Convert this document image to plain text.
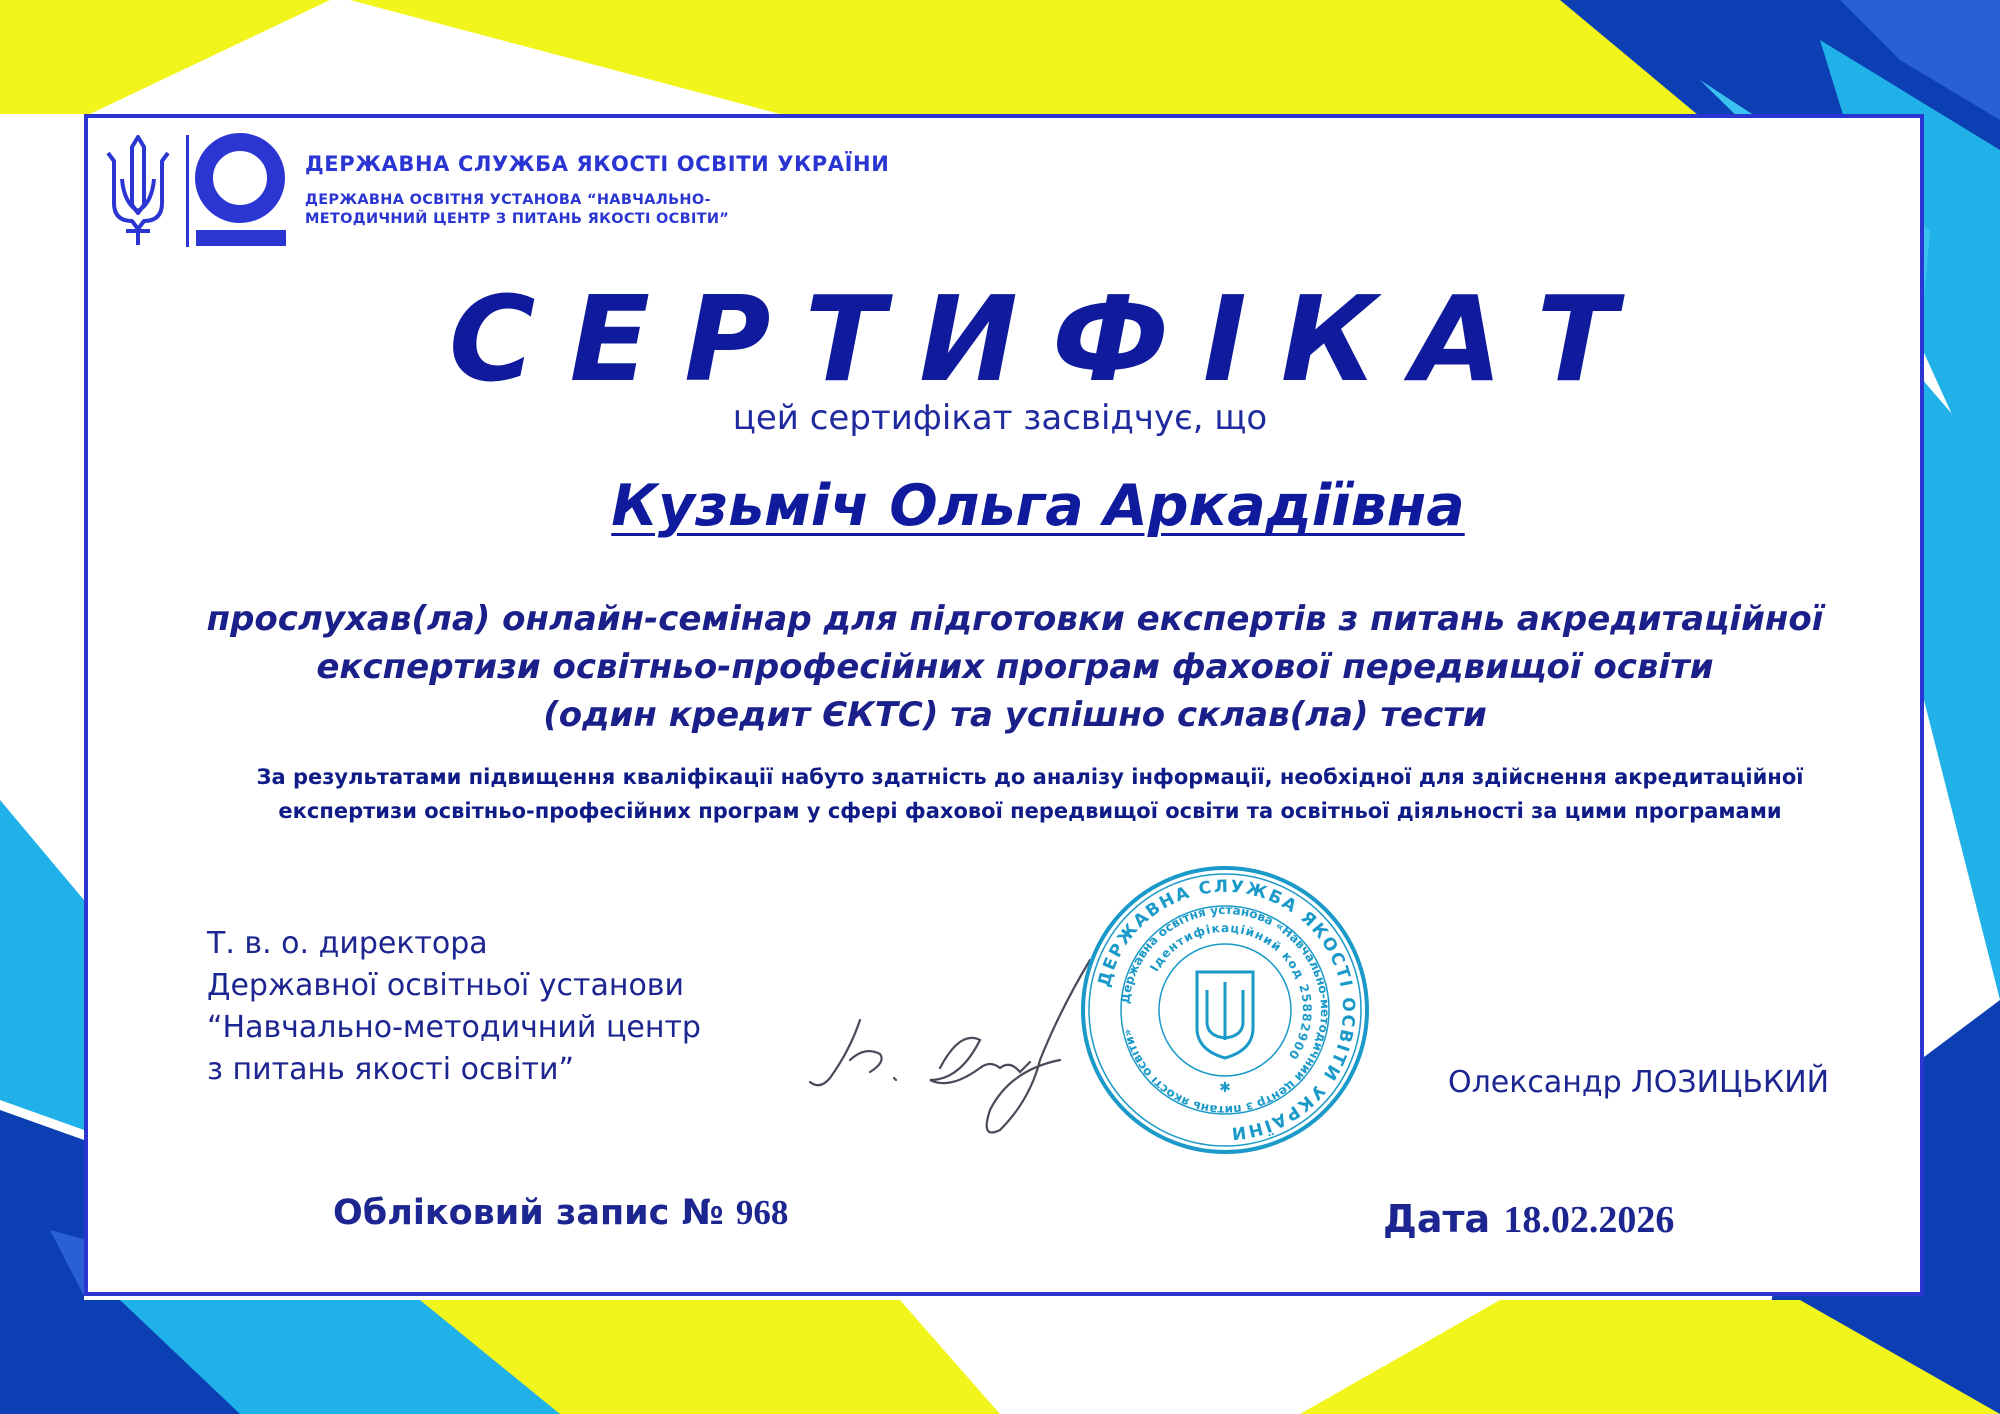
ДЕРЖАВНА СЛУЖБА ЯКОСТІ ОСВІТИ УКРАЇНИ
ДЕРЖАВНА ОСВІТНЯ УСТАНОВА “НАВЧАЛЬНО-
МЕТОДИЧНИЙ ЦЕНТР З ПИТАНЬ ЯКОСТІ ОСВІТИ”
СЕРТИФІКАТ
цей сертифікат засвідчує, що
Кузьміч Ольга Аркадіївна
прослухав(ла) онлайн-семінар для підготовки експертів з питань акредитаційної
експертизи освітньо-професійних програм фахової передвищої освіти
(один кредит ЄКТС) та успішно склав(ла) тести
За результатами підвищення кваліфікації набуто здатність до аналізу інформації, необхідної для здійснення акредитаційної
експертизи освітньо-професійних програм у сфері фахової передвищої освіти та освітньої діяльності за цими програмами
Т. в. о. директора
Державної освітньої установи
“Навчально-методичний центр
з питань якості освіти”
ДЕРЖАВНА СЛУЖБА ЯКОСТІ ОСВІТИ УКРАЇНИ
Державна освітня установа «Навчально-методичний центр з питань якості освіти»
Ідентифікаційний код 25882900
✱	Олександр ЛОЗИЦЬКИЙ
Обліковий запис № 968	Дата 18.02.2026
